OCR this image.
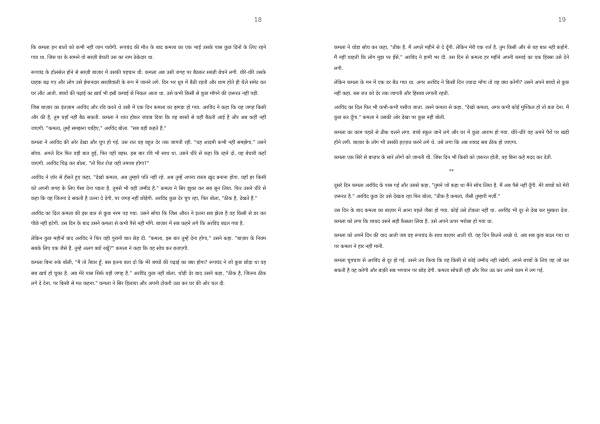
18

कि कमला इन बातों को कभी नहीं जान पायेगी. रूपचंद की मौत के बाद कमला का एक भाई उसके पास कुछ दिनों के लिए रहने गया था. जिस घर के सामने वो सब्ज़ी बेचती उस का नाम ठेकेदार था.

रूपचंद के होलसेल होने से सब्ज़ी बाज़ार में उसकी पहचान थी. कमला अब उसी जगह पर बैठकर सब्ज़ी बेचने लगी. धीरे-धीरे उसके ग्राहक बढ़ गए और लोग उसे ईमानदार सब्ज़ीवाली के रूप में जानने लगे. दिन भर धूप में बैठी रहती और शाम होते ही थैले समेट कर घर लौट आती. बच्चों की पढ़ाई का ख़र्च भी इसी कमाई से निकल आता था. उसे कभी किसी से कुछ माँगने की ज़रूरत नहीं पड़ी.

जिस बाज़ार का इंतज़ाम अरविंद और रवि करते थे उसी में एक दिन कमला का झगड़ा हो गया. अरविंद ने कहा कि यह जगह किसी और की है, तुम यहाँ नहीं बैठ सकती. कमला ने शांत होकर जवाब दिया कि वह बरसों से यहीं बैठती आई है और अब कहीं नहीं जाएगी. "कमला, तुम्हें समझना चाहिए," अरविंद बोला. "सब यही कहते हैं."

कमला ने अरविंद की ओर देखा और चुप हो गई. उस रात वह बहुत देर तक जागती रही. "यह आदमी कभी नहीं समझेगा," उसने सोचा. अगले दिन फिर वही बात हुई, फिर वही बहस. इस बार रवि भी साथ था. उसने धीरे से कहा कि रहने दो, यह बेचारी कहाँ जाएगी. अरविंद चिढ़ कर बोला, "तो फिर रोज़ यही तमाशा होगा?"

अरविंद ने ज़ोर से हँसते हुए कहा, "देखो कमला, अब तुम्हारे पति नहीं रहे. अब तुम्हें अपना रास्ता ख़ुद बनाना होगा. यहाँ हर किसी को अपनी जगह के लिए पैसा देना पड़ता है. तुमसे भी यही उम्मीद है." कमला ने सिर झुका कर सब सुन लिया. फिर उसने धीरे से कहा कि वह जितना दे सकती है उतना दे देगी, पर जगह नहीं छोड़ेगी. अरविंद कुछ देर चुप रहा, फिर बोला, "ठीक है, देखते हैं."

अरविंद का दिल कमला की इस बात से कुछ नरम पड़ गया. उसने सोचा कि जिस औरत ने इतना सब झेला है वह किसी से डर कर पीछे नहीं हटेगी. उस दिन के बाद उसने कमला से कभी पैसे नहीं माँगे. बाज़ार में सब कहने लगे कि अरविंद बदल गया है.

लेकिन कुछ महीनों बाद अरविंद ने फिर वही पुरानी बात छेड़ दी. "कमला, इस बार तुम्हें देना होगा," उसने कहा. "बाज़ार के नियम सबके लिए एक जैसे हैं. तुम्हें अलग क्यों रखूँ?" कमला ने कहा कि वह सोच कर बताएगी.

कमला बिना रुके बोली, "मैं तो तैयार हूँ. बस इतना बता दो कि मेरे बच्चों की पढ़ाई का क्या होगा? रूपचंद ने जो कुछ छोड़ा था वह सब ख़र्च हो चुका है. अब मेरे पास सिर्फ़ यही जगह है." अरविंद कुछ नहीं बोला. थोड़ी देर बाद उसने कहा, "ठीक है, जितना ठीक लगे दे देना. पर किसी से मत कहना." कमला ने सिर हिलाया और अपनी टोकरी उठा कर घर की ओर चल दी.

19

कमला ने थोड़ा सोच कर कहा, "ठीक है. मैं अगले महीने से दे दूँगी. लेकिन मेरी एक शर्त है. तुम किसी और से यह बात नहीं कहोगे. मैं नहीं चाहती कि लोग मुझ पर हँसें." अरविंद ने हामी भर दी. उस दिन से कमला हर महीने अपनी कमाई का एक हिस्सा उसे देने लगी.

लेकिन कमला के मन में एक डर बैठ गया था. अगर अरविंद ने किसी दिन ज़्यादा माँगा तो वह क्या करेगी? उसने अपने बच्चों से कुछ नहीं कहा. बस रात को देर तक जागती और हिसाब लगाती रहती.

अरविंद का दिल फिर भी कभी-कभी पसीज जाता. उसने कमला से कहा, "देखो कमला, अगर कभी कोई मुश्किल हो तो बता देना. मैं कुछ कर दूँगा." कमला ने उसकी ओर देखा पर कुछ नहीं बोली.

कमला का काम पहले से ठीक चलने लगा. बच्चे स्कूल जाने लगे और घर में कुछ आराम हो गया. धीरे-धीरे वह अपने पैरों पर खड़ी होने लगी. बाज़ार के लोग भी उसकी इज़्ज़त करने लगे थे. उसे लगा कि अब शायद सब ठीक हो जाएगा.

कमला एक सिरे से बाज़ार के सारे लोगों को जानती थी. जिस दिन भी किसी को ज़रूरत होती, वह बिना कहे मदद कर देती.

**

दूसरे दिन कमला अरविंद के पास गई और उससे कहा, "तुमने जो कहा था मैंने सोच लिया है. मैं अब पैसे नहीं दूँगी. मेरे बच्चों को मेरी ज़रूरत है." अरविंद कुछ देर उसे देखता रहा फिर बोला, "ठीक है कमला, जैसी तुम्हारी मर्ज़ी."

उस दिन के बाद कमला का बाज़ार में आना पहले जैसा हो गया. कोई उसे टोकता नहीं था. अरविंद भी दूर से देख कर मुस्करा देता. कमला को लगा कि शायद उसने सही फ़ैसला लिया है. उसे अपने ऊपर भरोसा हो गया था.

कमला को अपने दिन की याद आती जब वह रूपचंद के साथ बाज़ार आती थी. वह दिन कितने अच्छे थे. अब सब कुछ बदल गया था पर कमला ने हार नहीं मानी.

कमला चुपचाप से अरविंद से दूर हो गई. उसने तय किया कि वह किसी से कोई उम्मीद नहीं रखेगी. अपने बच्चों के लिए वह जो कर सकती है वह करेगी और बाक़ी सब भगवान पर छोड़ देगी. कमला सोचती रही और फिर उठ कर अपने काम में लग गई.
